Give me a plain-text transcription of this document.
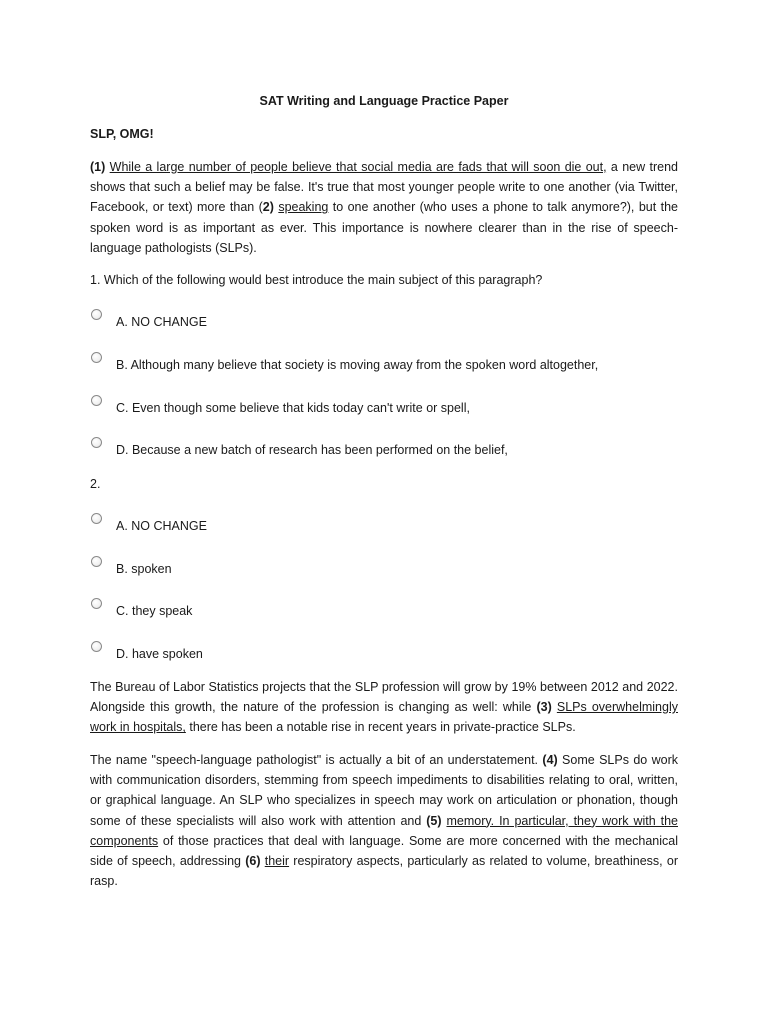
SAT Writing and Language Practice Paper
SLP, OMG!

(1) While a large number of people believe that social media are fads that will soon die out, a new trend shows that such a belief may be false. It's true that most younger people write to one another (via Twitter, Facebook, or text) more than (2) speaking to one another (who uses a phone to talk anymore?), but the spoken word is as important as ever. This importance is nowhere clearer than in the rise of speech-language pathologists (SLPs).

1. Which of the following would best introduce the main subject of this paragraph?
A. NO CHANGE
B. Although many believe that society is moving away from the spoken word altogether,
C. Even though some believe that kids today can't write or spell,
D. Because a new batch of research has been performed on the belief,
2.
A. NO CHANGE
B. spoken
C. they speak
D. have spoken

The Bureau of Labor Statistics projects that the SLP profession will grow by 19% between 2012 and 2022. Alongside this growth, the nature of the profession is changing as well: while (3) SLPs overwhelmingly work in hospitals, there has been a notable rise in recent years in private-practice SLPs.

The name "speech-language pathologist" is actually a bit of an understatement. (4) Some SLPs do work with communication disorders, stemming from speech impediments to disabilities relating to oral, written, or graphical language. An SLP who specializes in speech may work on articulation or phonation, though some of these specialists will also work with attention and (5) memory. In particular, they work with the components of those practices that deal with language. Some are more concerned with the mechanical side of speech, addressing (6) their respiratory aspects, particularly as related to volume, breathiness, or rasp.
